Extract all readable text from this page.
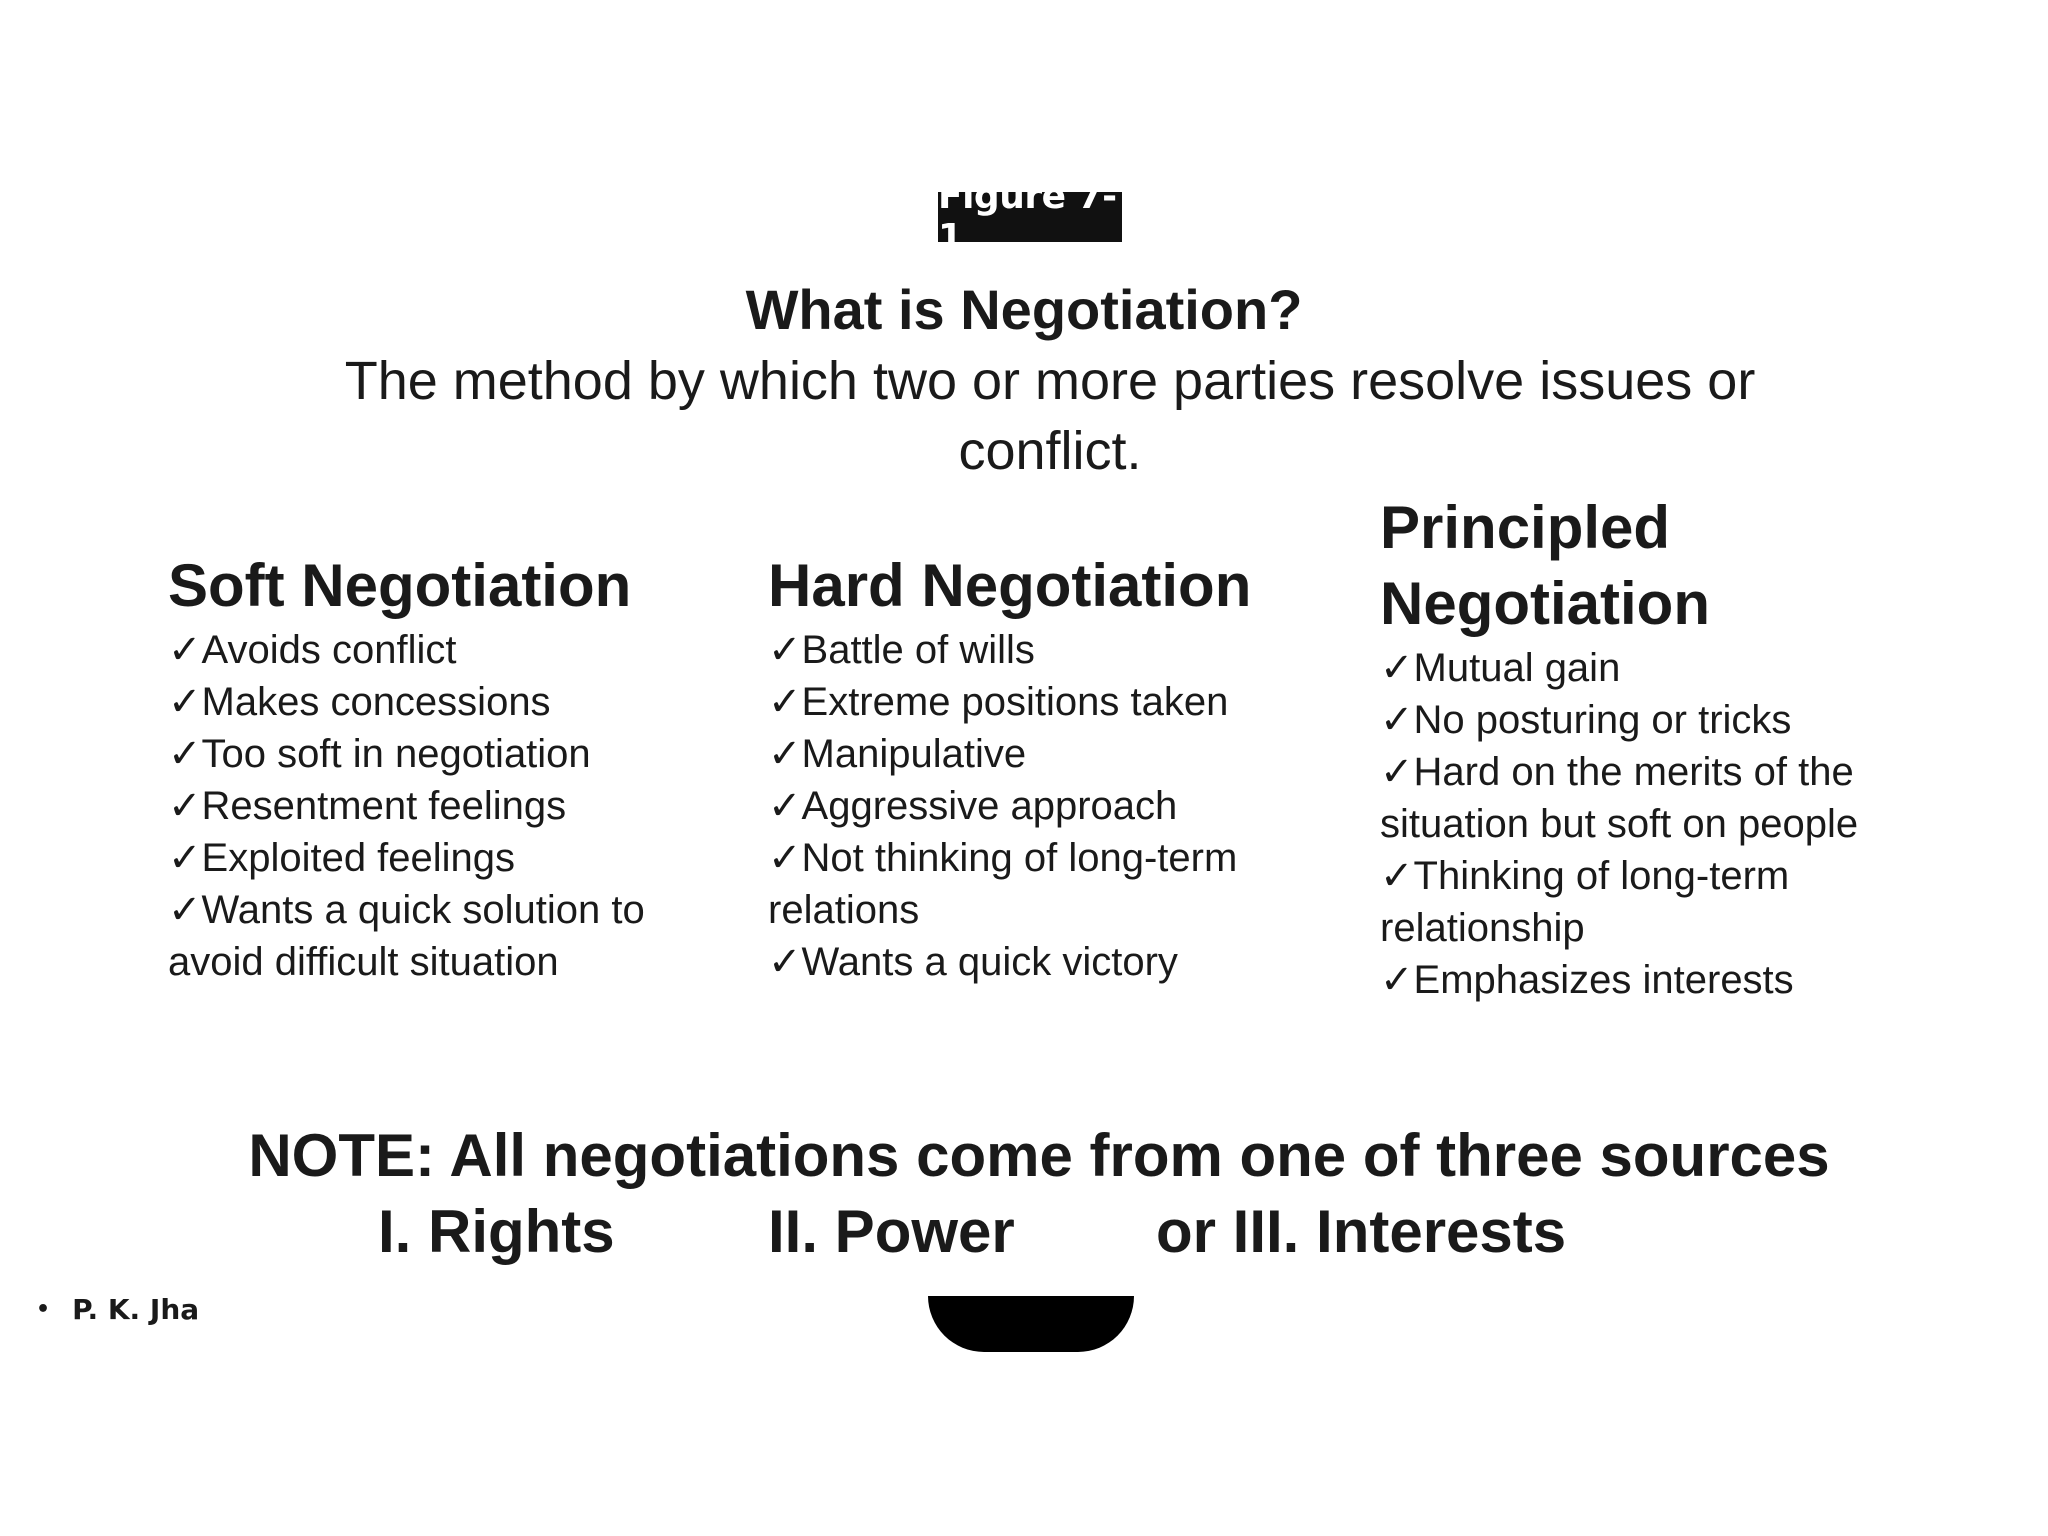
Figure 7-1
What is Negotiation?

The method by which two or more parties resolve issues or conflict.

Soft Negotiation
✓Avoids conflict
✓Makes concessions
✓Too soft in negotiation
✓Resentment feelings
✓Exploited feelings
✓Wants a quick solution to avoid difficult situation
Hard Negotiation
✓Battle of wills
✓Extreme positions taken
✓Manipulative
✓Aggressive approach
✓Not thinking of long-term relations
✓Wants a quick victory
Principled Negotiation
✓Mutual gain
✓No posturing or tricks
✓Hard on the merits of the situation but soft on people
✓Thinking of long-term relationship
✓Emphasizes interests

NOTE: All negotiations come from one of three sources

I. Rights	II. Power or III. Interests
• P. K. Jha
